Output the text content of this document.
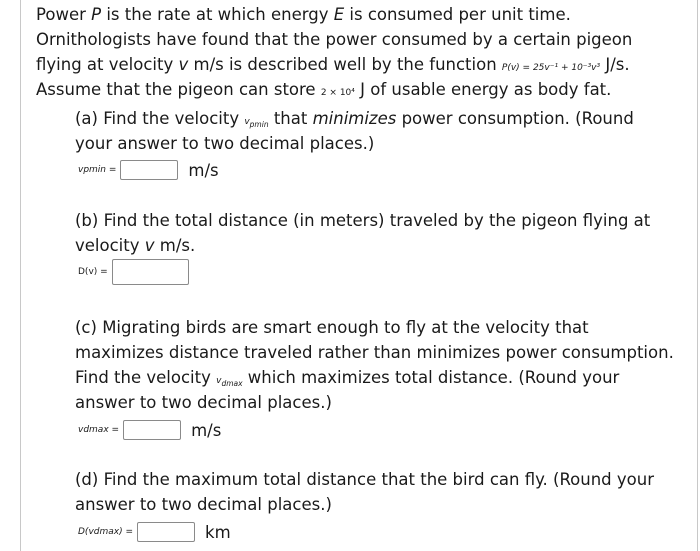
Power P is the rate at which energy E is consumed per unit time.
Ornithologists have found that the power consumed by a certain pigeon
flying at velocity v m/s is described well by the function P(v) = 25v⁻¹ + 10⁻³v³ J/s.
Assume that the pigeon can store 2 × 10⁴ J of usable energy as body fat.
(a) Find the velocity $v_{pmin}$ that minimizes power consumption. (Round
your answer to two decimal places.)
vpmin =	m/s
(b) Find the total distance (in meters) traveled by the pigeon flying at
velocity v m/s.
D(v) =
(c) Migrating birds are smart enough to fly at the velocity that
maximizes distance traveled rather than minimizes power consumption.
Find the velocity $v_{dmax}$ which maximizes total distance. (Round your
answer to two decimal places.)
vdmax =	m/s
(d) Find the maximum total distance that the bird can fly. (Round your
answer to two decimal places.)
D(vdmax) =	km
